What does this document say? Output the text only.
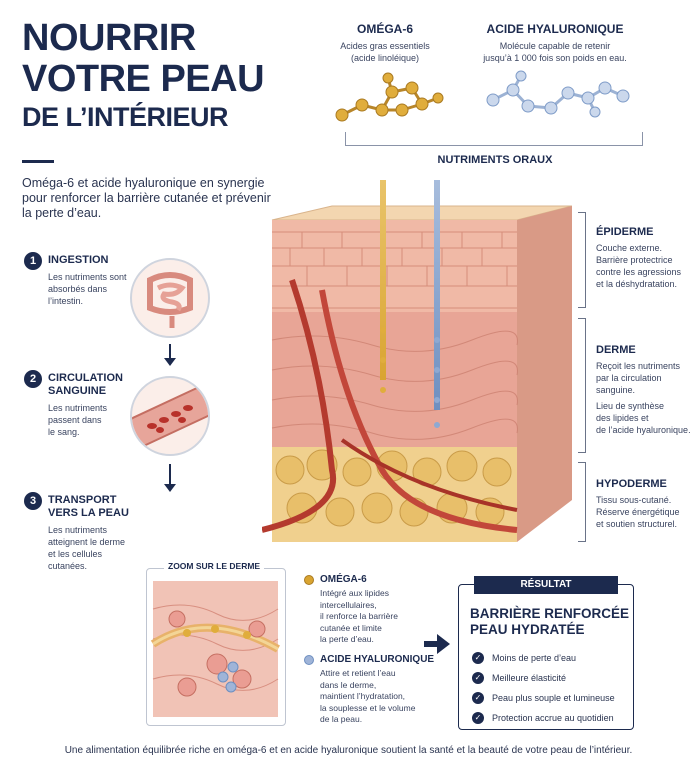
NOURRIR
VOTRE PEAU
DE L’INTÉRIEUR
Oméga-6 et acide hyaluronique en synergie pour renforcer la barrière cutanée et prévenir la perte d’eau.
OMÉGA-6
Acides gras essentiels
(acide linoléique)
ACIDE HYALURONIQUE
Molécule capable de retenir
jusqu’à 1 000 fois son poids en eau.
NUTRIMENTS ORAUX
ÉPIDERME
Couche externe.
Barrière protectrice
contre les agressions
et la déshydratation.
DERME
Reçoit les nutriments
par la circulation
sanguine.
Lieu de synthèse
des lipides et
de l’acide hyaluronique.
HYPODERME
Tissu sous-cutané.
Réserve énergétique
et soutien structurel.
1	INGESTION
Les nutriments sont
absorbés dans
l’intestin.
2	CIRCULATION
SANGUINE
Les nutriments
passent dans
le sang.
3	TRANSPORT
VERS LA PEAU
Les nutriments
atteignent le derme
et les cellules
cutanées.	ZOOM SUR LE DERME
OMÉGA-6
Intégré aux lipides
intercellulaires,
il renforce la barrière
cutanée et limite
la perte d’eau.
ACIDE HYALURONIQUE
Attire et retient l’eau
dans le derme,
maintient l’hydratation,
la souplesse et le volume
de la peau.
RÉSULTAT
BARRIÈRE RENFORCÉE
PEAU HYDRATÉE
✓ Moins de perte d’eau
✓ Meilleure élasticité
✓ Peau plus souple et lumineuse
✓ Protection accrue au quotidien
Une alimentation équilibrée riche en oméga-6 et en acide hyaluronique soutient la santé et la beauté de votre peau de l’intérieur.
